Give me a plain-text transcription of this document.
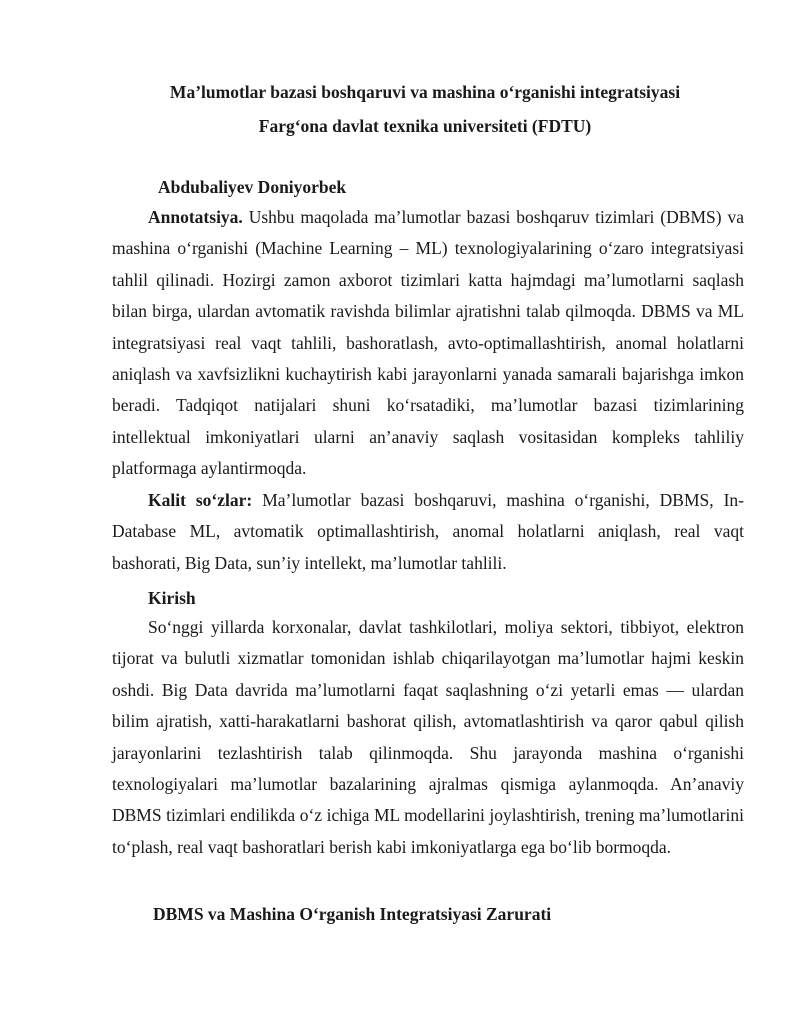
Ma’lumotlar bazasi boshqaruvi va mashina o‘rganishi integratsiyasi
Farg‘ona davlat texnika universiteti (FDTU)
Abdubaliyev Doniyorbek

Annotatsiya. Ushbu maqolada ma’lumotlar bazasi boshqaruv tizimlari (DBMS) va mashina o‘rganishi (Machine Learning – ML) texnologiyalarining o‘zaro integratsiyasi tahlil qilinadi. Hozirgi zamon axborot tizimlari katta hajmdagi ma’lumotlarni saqlash bilan birga, ulardan avtomatik ravishda bilimlar ajratishni talab qilmoqda. DBMS va ML integratsiyasi real vaqt tahlili, bashoratlash, avto-optimallashtirish, anomal holatlarni aniqlash va xavfsizlikni kuchaytirish kabi jarayonlarni yanada samarali bajarishga imkon beradi. Tadqiqot natijalari shuni ko‘rsatadiki, ma’lumotlar bazasi tizimlarining intellektual imkoniyatlari ularni an’anaviy saqlash vositasidan kompleks tahliliy platformaga aylantirmoqda.

Kalit so‘zlar: Ma’lumotlar bazasi boshqaruvi, mashina o‘rganishi, DBMS, In-Database ML, avtomatik optimallashtirish, anomal holatlarni aniqlash, real vaqt bashorati, Big Data, sun’iy intellekt, ma’lumotlar tahlili.

Kirish

So‘nggi yillarda korxonalar, davlat tashkilotlari, moliya sektori, tibbiyot, elektron tijorat va bulutli xizmatlar tomonidan ishlab chiqarilayotgan ma’lumotlar hajmi keskin oshdi. Big Data davrida ma’lumotlarni faqat saqlashning o‘zi yetarli emas — ulardan bilim ajratish, xatti-harakatlarni bashorat qilish, avtomatlashtirish va qaror qabul qilish jarayonlarini tezlashtirish talab qilinmoqda. Shu jarayonda mashina o‘rganishi texnologiyalari ma’lumotlar bazalarining ajralmas qismiga aylanmoqda. An’anaviy DBMS tizimlari endilikda o‘z ichiga ML modellarini joylashtirish, trening ma’lumotlarini to‘plash, real vaqt bashoratlari berish kabi imkoniyatlarga ega bo‘lib bormoqda.

DBMS va Mashina O‘rganish Integratsiyasi Zarurati
